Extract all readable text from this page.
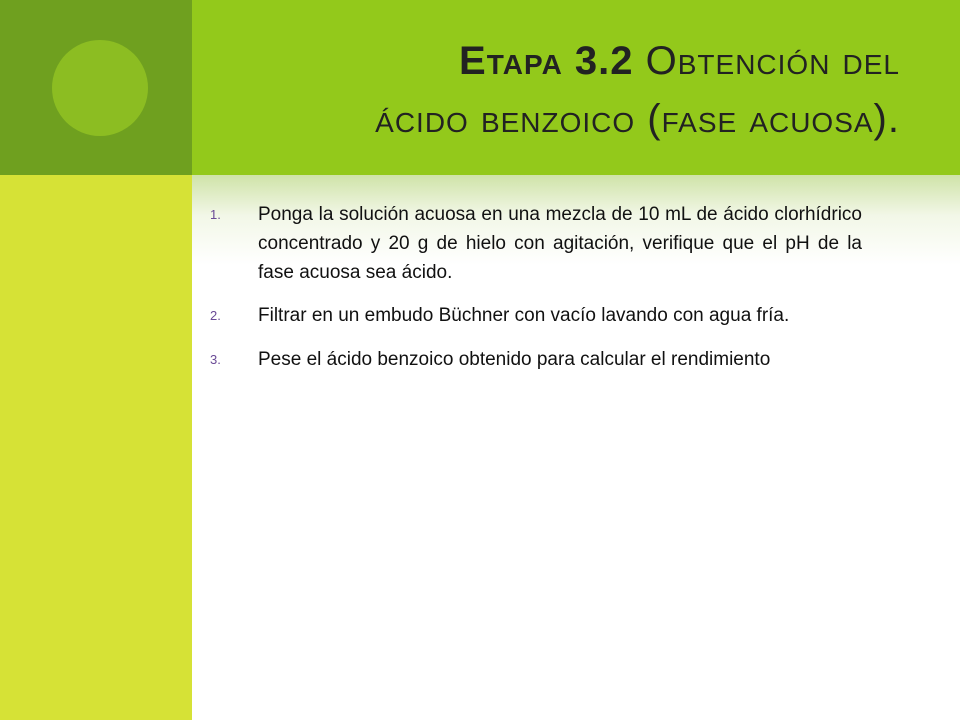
Etapa 3.2 Obtención del
ácido benzoico (fase acuosa).
1.	Ponga la solución acuosa en una mezcla de 10 mL de ácido clorhídrico concentrado y 20 g de hielo con agitación, verifique que el pH de la fase acuosa sea ácido.
2.	Filtrar en un embudo Büchner con vacío lavando con agua fría.
3.	Pese el ácido benzoico obtenido para calcular el rendimiento
